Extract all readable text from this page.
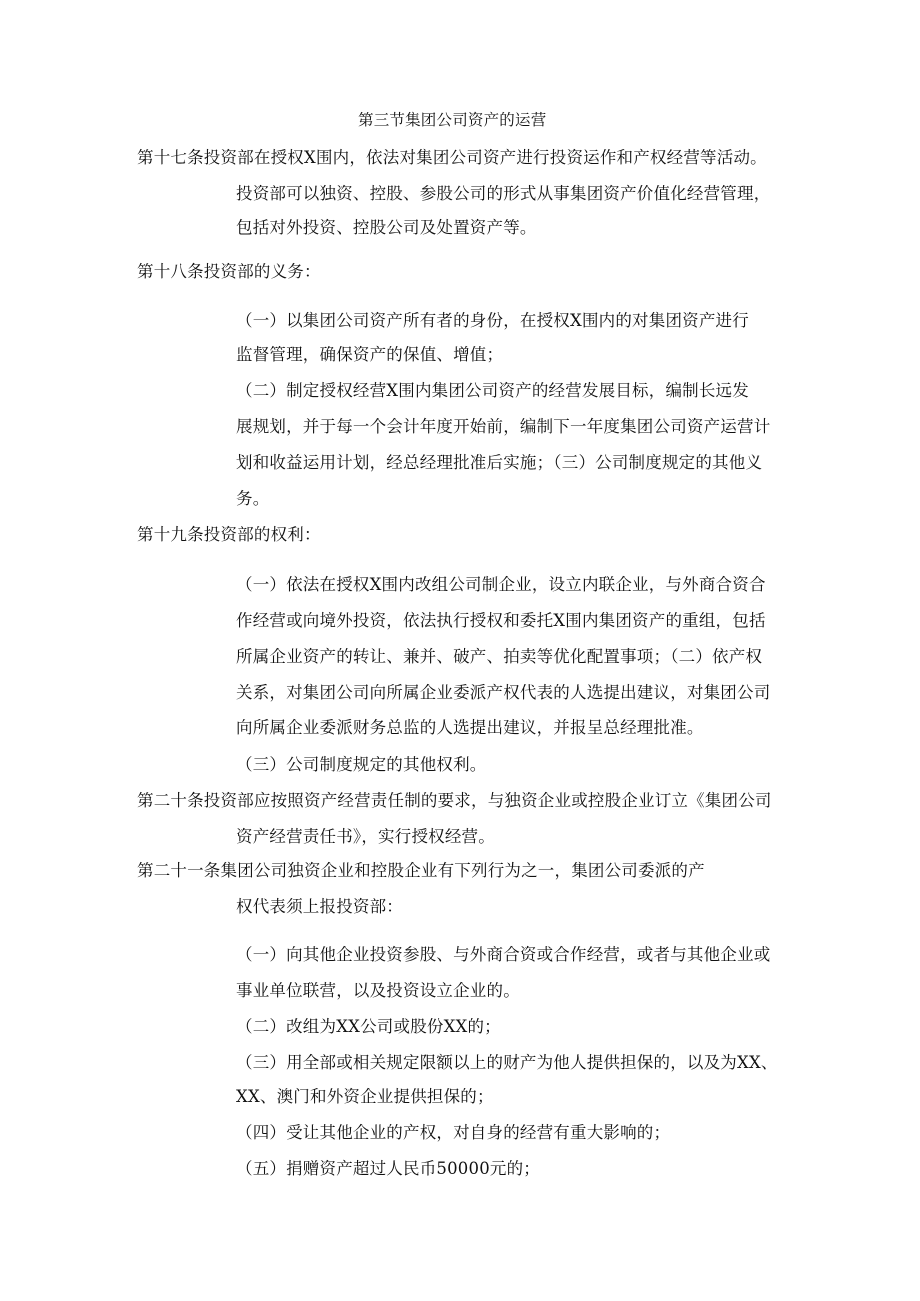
第三节集团公司资产的运营
第十七条投资部在授权X围内，依法对集团公司资产进行投资运作和产权经营等活动。
投资部可以独资、控股、参股公司的形式从事集团资产价值化经营管理，
包括对外投资、控股公司及处置资产等。
第十八条投资部的义务：
（一）以集团公司资产所有者的身份，在授权X围内的对集团资产进行
监督管理，确保资产的保值、增值；
（二）制定授权经营X围内集团公司资产的经营发展目标，编制长远发
展规划，并于每一个会计年度开始前，编制下一年度集团公司资产运营计
划和收益运用计划，经总经理批准后实施；（三）公司制度规定的其他义
务。
第十九条投资部的权利：
（一）依法在授权X围内改组公司制企业，设立内联企业，与外商合资合
作经营或向境外投资，依法执行授权和委托X围内集团资产的重组，包括
所属企业资产的转让、兼并、破产、拍卖等优化配置事项；（二）依产权
关系，对集团公司向所属企业委派产权代表的人选提出建议，对集团公司
向所属企业委派财务总监的人选提出建议，并报呈总经理批准。
（三）公司制度规定的其他权利。
第二十条投资部应按照资产经营责任制的要求，与独资企业或控股企业订立《集团公司
资产经营责任书》，实行授权经营。
第二十一条集团公司独资企业和控股企业有下列行为之一，集团公司委派的产
权代表须上报投资部：
（一）向其他企业投资参股、与外商合资或合作经营，或者与其他企业或
事业单位联营，以及投资设立企业的。
（二）改组为XX公司或股份XX的；
（三）用全部或相关规定限额以上的财产为他人提供担保的，以及为XX、
XX、澳门和外资企业提供担保的；
（四）受让其他企业的产权，对自身的经营有重大影响的；
（五）捐赠资产超过人民币50000元的；
